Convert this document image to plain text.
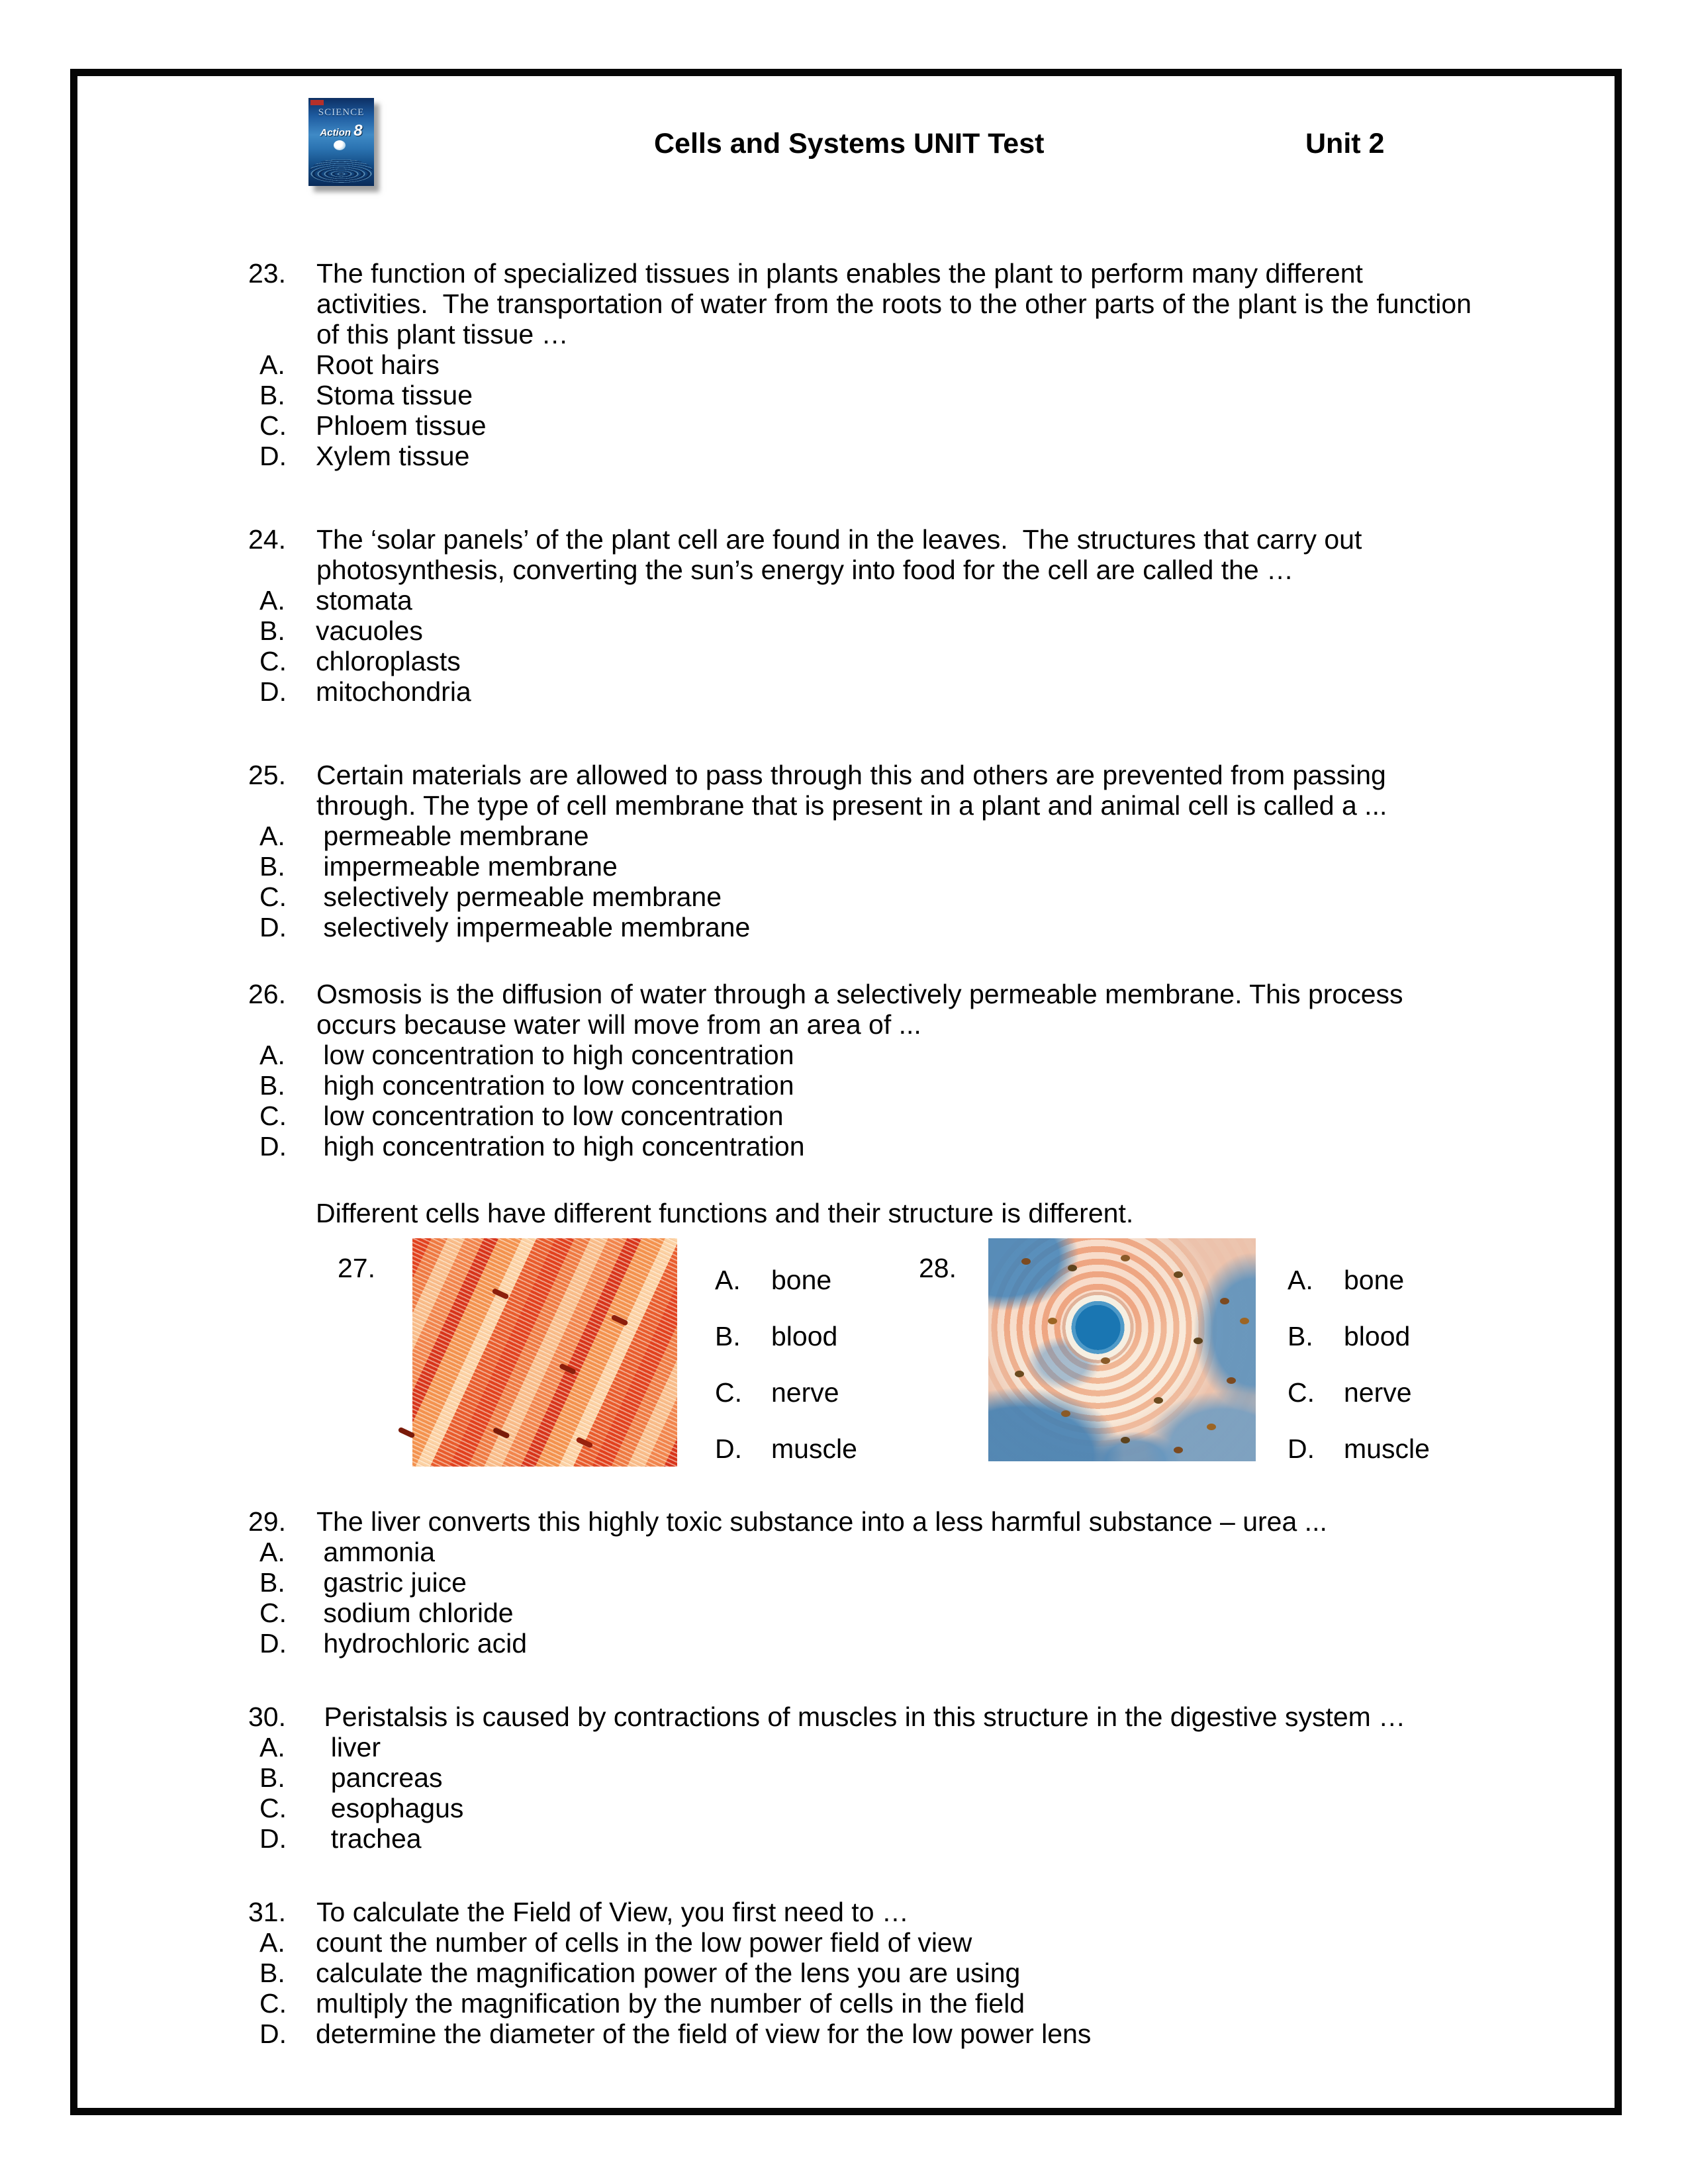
SCIENCE
Action 8	Cells and Systems UNIT Test	Unit 2
23.	The function of specialized tissues in plants enables the plant to perform many different
activities.  The transportation of water from the roots to the other parts of the plant is the function
of this plant tissue …
A.	Root hairs
B.	Stoma tissue
C.	Phloem tissue
D.	Xylem tissue
24.	The ‘solar panels’ of the plant cell are found in the leaves.  The structures that carry out
photosynthesis, converting the sun’s energy into food for the cell are called the …
A.	stomata
B.	vacuoles
C.	chloroplasts
D.	mitochondria
25.	Certain materials are allowed to pass through this and others are prevented from passing
through. The type of cell membrane that is present in a plant and animal cell is called a ...
A.	permeable membrane
B.	impermeable membrane
C.	selectively permeable membrane
D.	selectively impermeable membrane
26.	Osmosis is the diffusion of water through a selectively permeable membrane. This process
occurs because water will move from an area of ...
A.	low concentration to high concentration
B.	high concentration to low concentration
C.	low concentration to low concentration
D.	high concentration to high concentration
Different cells have different functions and their structure is different.
27.	A.	bone
B.	blood
C.	nerve
D.	muscle
28.	A.	bone
B.	blood
C.	nerve
D.	muscle
29.	The liver converts this highly toxic substance into a less harmful substance – urea ...
A.	ammonia
B.	gastric juice
C.	sodium chloride
D.	hydrochloric acid
30.	Peristalsis is caused by contractions of muscles in this structure in the digestive system …
A.	liver
B.	pancreas
C.	esophagus
D.	trachea
31.	To calculate the Field of View, you first need to …
A.	count the number of cells in the low power field of view
B.	calculate the magnification power of the lens you are using
C.	multiply the magnification by the number of cells in the field
D.	determine the diameter of the field of view for the low power lens
